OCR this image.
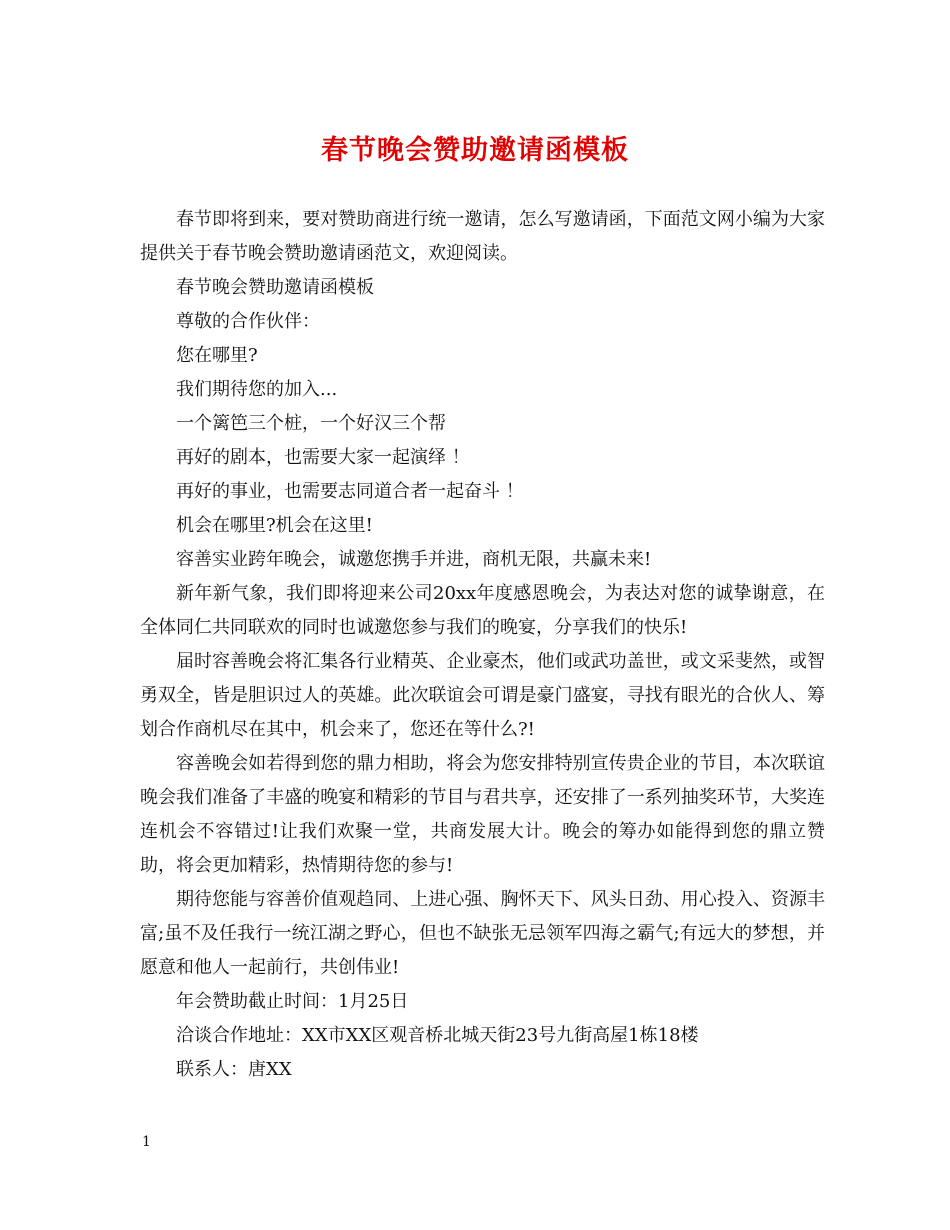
春节晚会赞助邀请函模板

春节即将到来，要对赞助商进行统一邀请，怎么写邀请函，下面范文网小编为大家提供关于春节晚会赞助邀请函范文，欢迎阅读。

春节晚会赞助邀请函模板

尊敬的合作伙伴：

您在哪里?

我们期待您的加入...

一个篱笆三个桩，一个好汉三个帮

再好的剧本，也需要大家一起演绎 ！

再好的事业，也需要志同道合者一起奋斗 ！

机会在哪里?机会在这里!

容善实业跨年晚会，诚邀您携手并进，商机无限，共赢未来!

新年新气象，我们即将迎来公司20xx年度感恩晚会，为表达对您的诚挚谢意，在全体同仁共同联欢的同时也诚邀您参与我们的晚宴，分享我们的快乐!

届时容善晚会将汇集各行业精英、企业豪杰，他们或武功盖世，或文采斐然，或智勇双全，皆是胆识过人的英雄。此次联谊会可谓是豪门盛宴，寻找有眼光的合伙人、筹划合作商机尽在其中，机会来了，您还在等什么?!

容善晚会如若得到您的鼎力相助，将会为您安排特别宣传贵企业的节目，本次联谊晚会我们准备了丰盛的晚宴和精彩的节目与君共享，还安排了一系列抽奖环节，大奖连连机会不容错过!让我们欢聚一堂，共商发展大计。晚会的筹办如能得到您的鼎立赞助，将会更加精彩，热情期待您的参与!

期待您能与容善价值观趋同、上进心强、胸怀天下、风头日劲、用心投入、资源丰富;虽不及任我行一统江湖之野心，但也不缺张无忌领军四海之霸气;有远大的梦想，并愿意和他人一起前行，共创伟业!

年会赞助截止时间：1月25日

洽谈合作地址：XX市XX区观音桥北城天街23号九街高屋1栋18楼

联系人：唐XX

1
